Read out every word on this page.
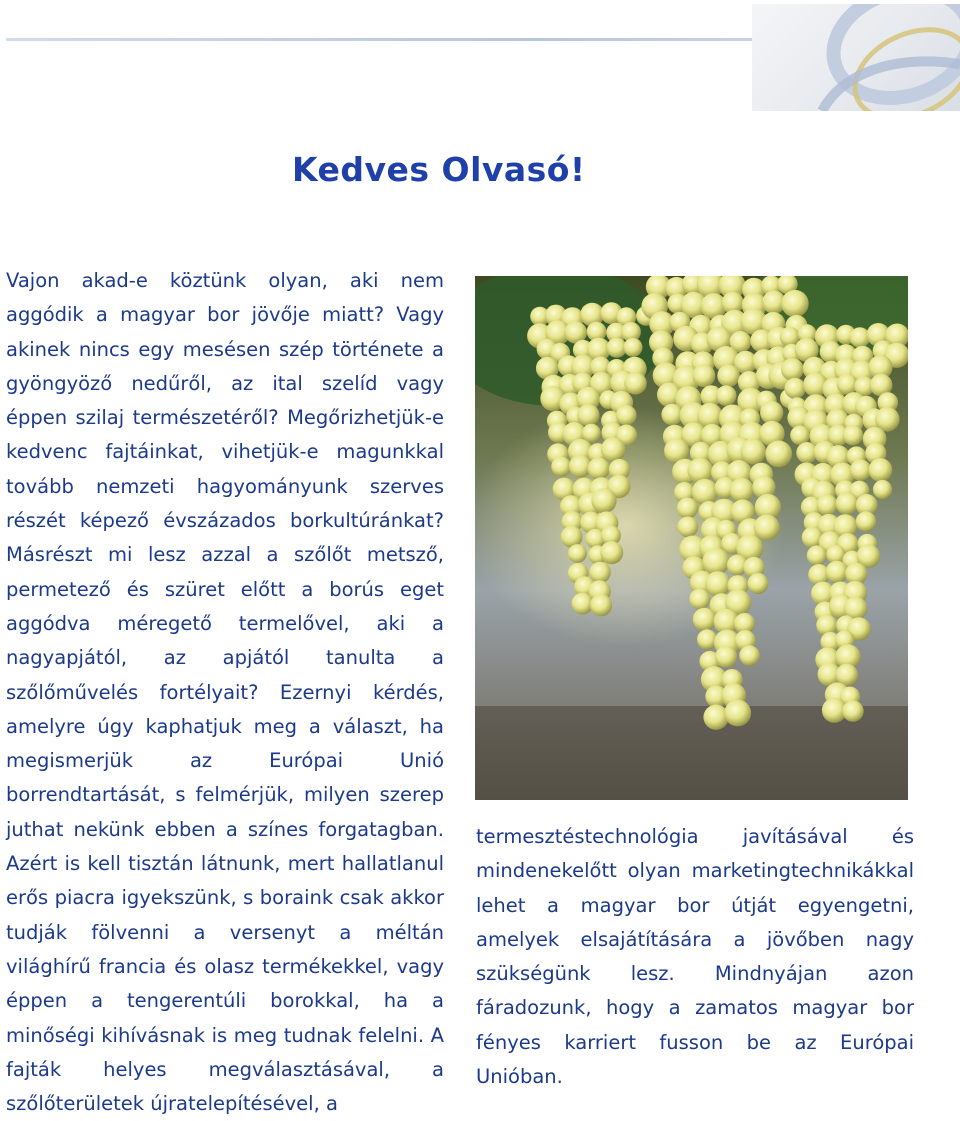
Kedves Olvasó!

Vajon akad-e köztünk olyan, aki nem aggódik a magyar bor jövője miatt? Vagy akinek nincs egy mesésen szép története a gyöngyöző nedűről, az ital szelíd vagy éppen szilaj természetéről? Megőrizhetjük-e kedvenc fajtáinkat, vihetjük-e magunkkal tovább nemzeti hagyományunk szerves részét képező évszázados borkultúránkat? Másrészt mi lesz azzal a szőlőt metsző, permetező és szüret előtt a borús eget aggódva méregető termelővel, aki a nagyapjától, az apjától tanulta a szőlőművelés fortélyait? Ezernyi kérdés, amelyre úgy kaphatjuk meg a választ, ha megismerjük az Európai Unió borrendtartását, s felmérjük, milyen szerep juthat nekünk ebben a színes forgatagban. Azért is kell tisztán látnunk, mert hallatlanul erős piacra igyekszünk, s boraink csak akkor tudják fölvenni a versenyt a méltán világhírű francia és olasz termékekkel, vagy éppen a tengerentúli borokkal, ha a minőségi kihívásnak is meg tudnak felelni. A fajták helyes megválasztásával, a szőlőterületek újratelepítésével, a

termesztéstechnológia javításával és mindenekelőtt olyan marketingtechnikákkal lehet a magyar bor útját egyengetni, amelyek elsajátítására a jövőben nagy szükségünk lesz. Mindnyájan azon fáradozunk, hogy a zamatos magyar bor fényes karriert fusson be az Európai Unióban.
